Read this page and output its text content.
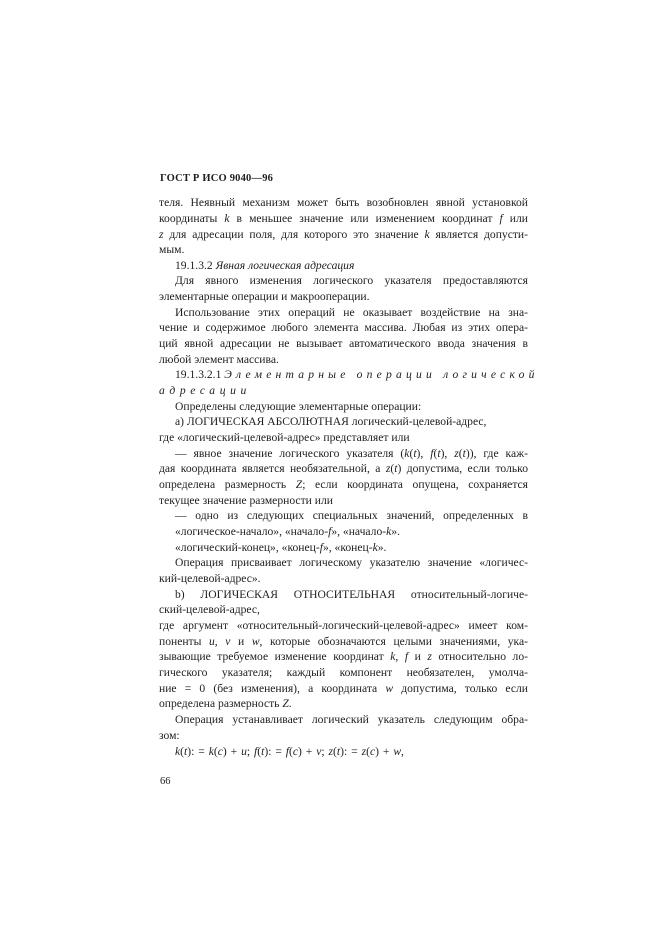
ГОСТ Р ИСО 9040—96
теля. Неявный механизм может быть возобновлен явной установкой
координаты k в меньшее значение или изменением координат f или
z для адресации поля, для которого это значение k является допусти-
мым.
19.1.3.2 Явная логическая адресация
Для явного изменения логического указателя предоставляются
элементарные операции и макрооперации.
Использование этих операций не оказывает воздействие на зна-
чение и содержимое любого элемента массива. Любая из этих опера-
ций явной адресации не вызывает автоматического ввода значения в
любой элемент массива.
19.1.3.2.1 Элементарные операции логической
адресации
Определены следующие элементарные операции:
а) ЛОГИЧЕСКАЯ АБСОЛЮТНАЯ логический-целевой-адрес,
где «логический-целевой-адрес» представляет или
— явное значение логического указателя (k(t), f(t), z(t)), где каж-
дая координата является необязательной, а z(t) допустима, если только
определена размерность Z; если координата опущена, сохраняется
текущее значение размерности или
— одно из следующих специальных значений, определенных в
«логическое-начало», «начало-f», «начало-k».
«логический-конец», «конец-f», «конец-k».
Операция присваивает логическому указателю значение «логичес-
кий-целевой-адрес».
b) ЛОГИЧЕСКАЯ ОТНОСИТЕЛЬНАЯ относительный-логиче-
ский-целевой-адрес,
где аргумент «относительный-логический-целевой-адрес» имеет ком-
поненты u, v и w, которые обозначаются целыми значениями, ука-
зывающие требуемое изменение координат k, f и z относительно ло-
гического указателя; каждый компонент необязателен, умолча-
ние = 0 (без изменения), а координата w допустима, только если
определена размерность Z.
Операция устанавливает логический указатель следующим обра-
зом:
k(t): = k(c) + u; f(t): = f(c) + v; z(t): = z(c) + w,
66
